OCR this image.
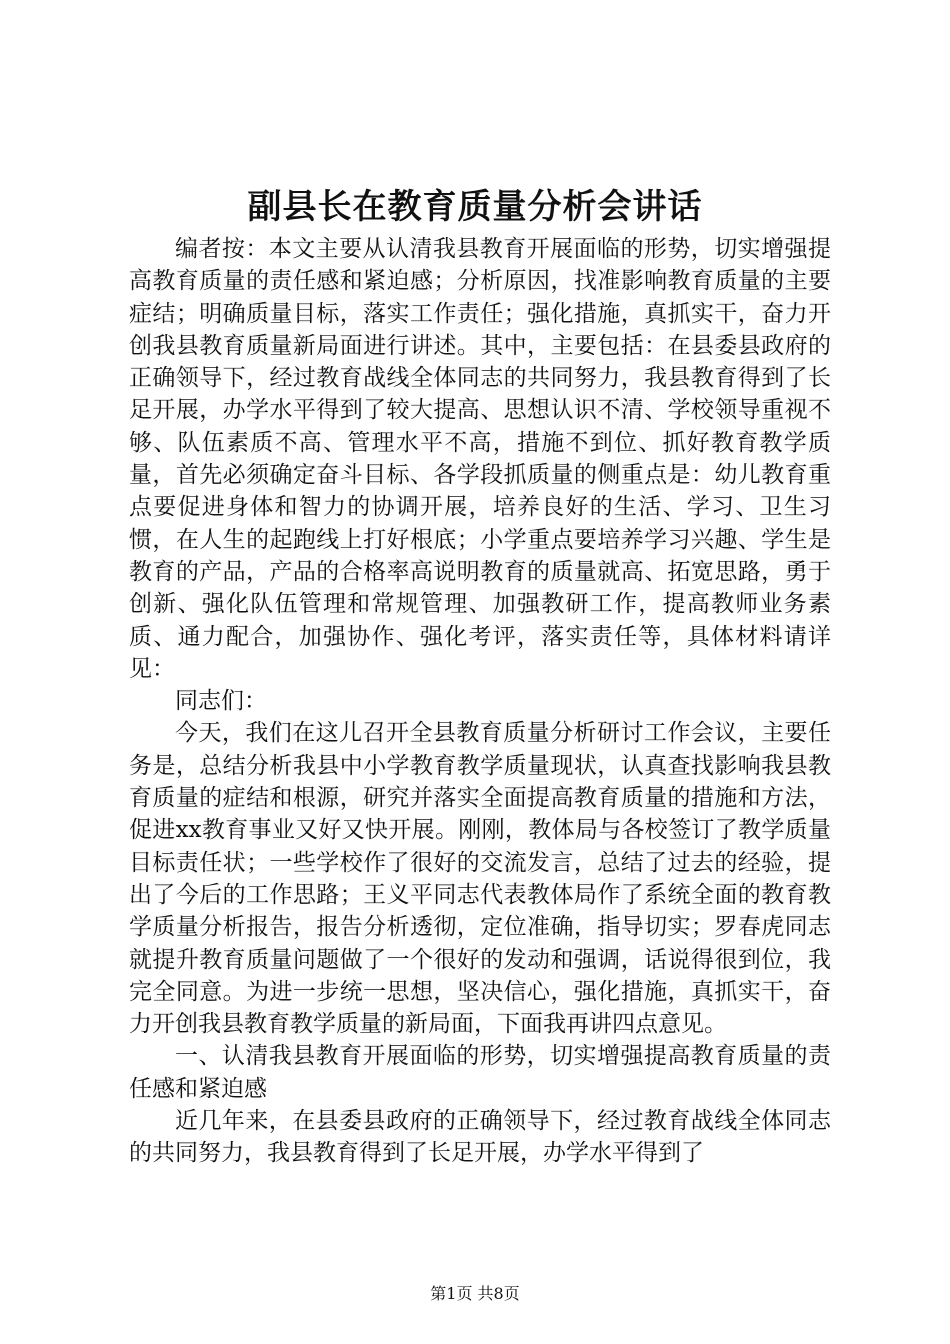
副县长在教育质量分析会讲话

编者按：本文主要从认清我县教育开展面临的形势，切实增强提高教育质量的责任感和紧迫感；分析原因，找准影响教育质量的主要症结；明确质量目标，落实工作责任；强化措施，真抓实干，奋力开创我县教育质量新局面进行讲述。其中，主要包括：在县委县政府的正确领导下，经过教育战线全体同志的共同努力，我县教育得到了长足开展，办学水平得到了较大提高、思想认识不清、学校领导重视不够、队伍素质不高、管理水平不高，措施不到位、抓好教育教学质量，首先必须确定奋斗目标、各学段抓质量的侧重点是：幼儿教育重点要促进身体和智力的协调开展，培养良好的生活、学习、卫生习惯，在人生的起跑线上打好根底；小学重点要培养学习兴趣、学生是教育的产品，产品的合格率高说明教育的质量就高、拓宽思路，勇于创新、强化队伍管理和常规管理、加强教研工作，提高教师业务素质、通力配合，加强协作、强化考评，落实责任等，具体材料请详见：

同志们：

今天，我们在这儿召开全县教育质量分析研讨工作会议，主要任务是，总结分析我县中小学教育教学质量现状，认真查找影响我县教育质量的症结和根源，研究并落实全面提高教育质量的措施和方法，促进xx教育事业又好又快开展。刚刚，教体局与各校签订了教学质量目标责任状；一些学校作了很好的交流发言，总结了过去的经验，提出了今后的工作思路；王义平同志代表教体局作了系统全面的教育教学质量分析报告，报告分析透彻，定位准确，指导切实；罗春虎同志就提升教育质量问题做了一个很好的发动和强调，话说得很到位，我完全同意。为进一步统一思想，坚决信心，强化措施，真抓实干，奋力开创我县教育教学质量的新局面，下面我再讲四点意见。

一、认清我县教育开展面临的形势，切实增强提高教育质量的责任感和紧迫感

近几年来，在县委县政府的正确领导下，经过教育战线全体同志的共同努力，我县教育得到了长足开展，办学水平得到了

第1页 共8页
